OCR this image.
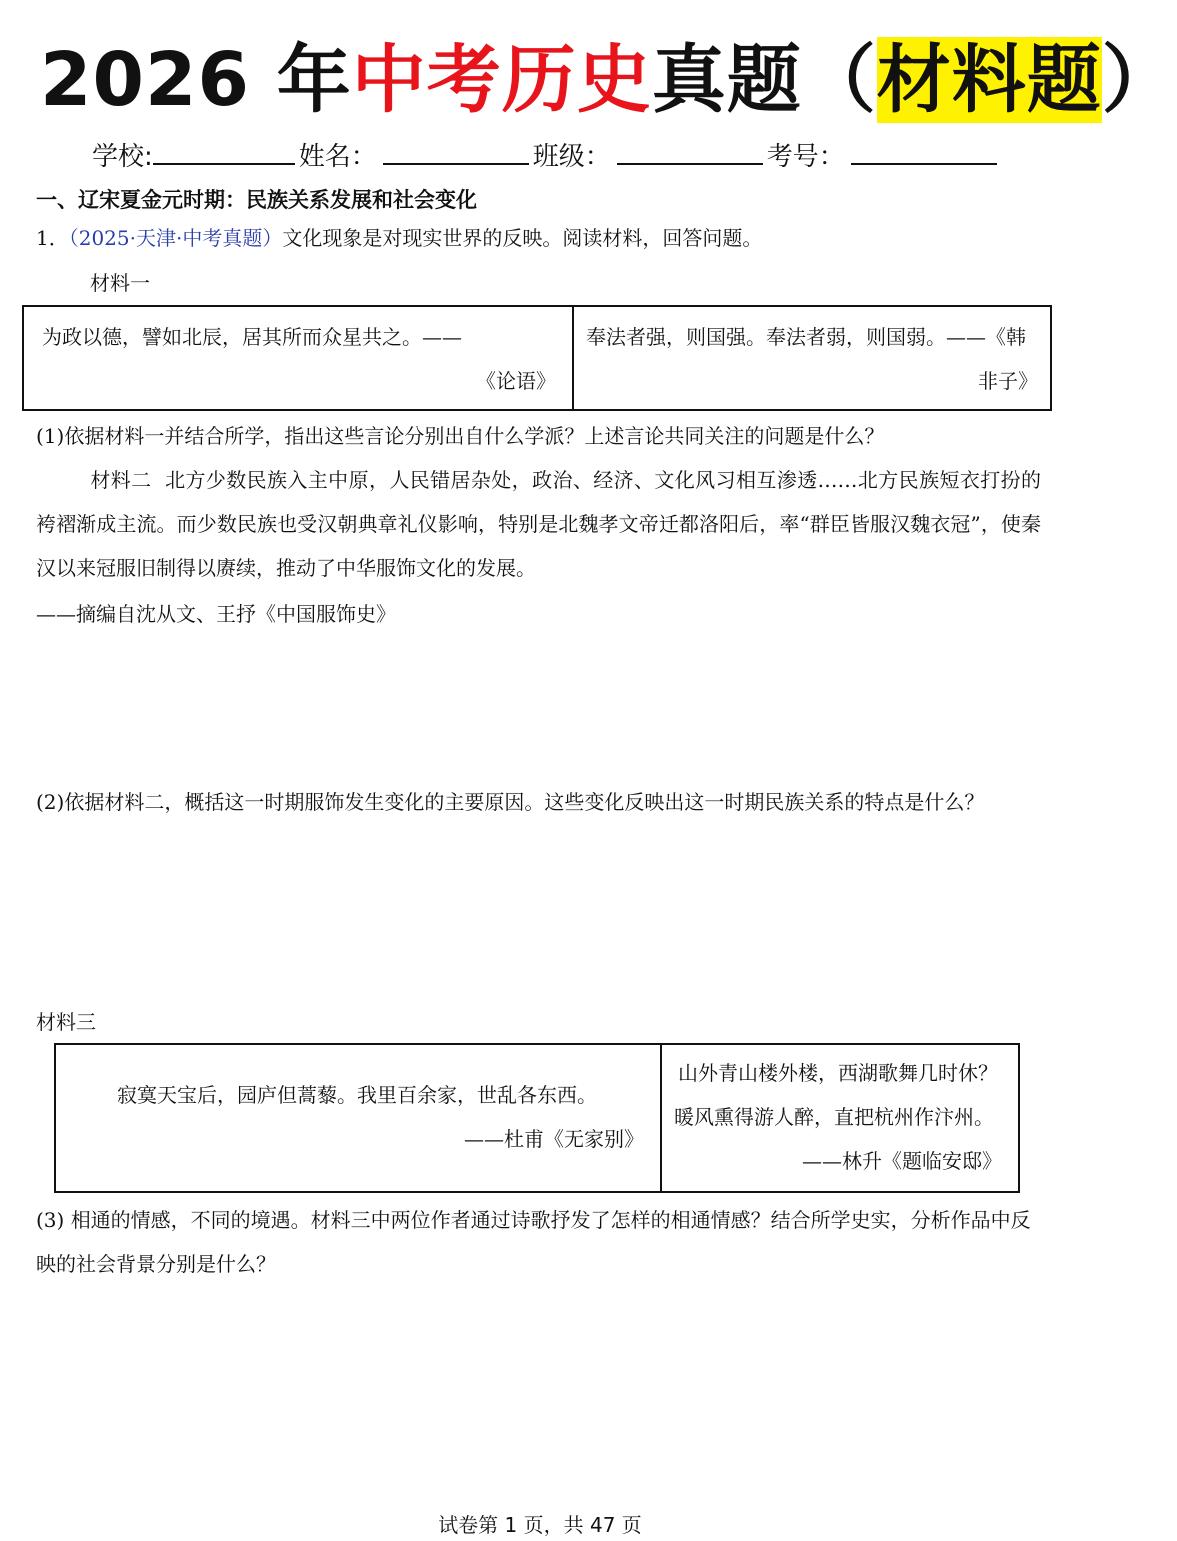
2026 年中考历史真题（材料题）
学校:	姓名：	班级：	考号：
一、辽宋夏金元时期：民族关系发展和社会变化
1．（2025·天津·中考真题）文化现象是对现实世界的反映。阅读材料，回答问题。
材料一
为政以德，譬如北辰，居其所而众星共之。——
《论语》

奉法者强，则国强。奉法者弱，则国弱。——《韩
非子》
(1)依据材料一并结合所学，指出这些言论分别出自什么学派？上述言论共同关注的问题是什么？
材料二 北方少数民族入主中原，人民错居杂处，政治、经济、文化风习相互渗透……北方民族短衣打扮的袴褶渐成主流。而少数民族也受汉朝典章礼仪影响，特别是北魏孝文帝迁都洛阳后，率“群臣皆服汉魏衣冠”，使秦汉以来冠服旧制得以赓续，推动了中华服饰文化的发展。
——摘编自沈从文、王抒《中国服饰史》
(2)依据材料二，概括这一时期服饰发生变化的主要原因。这些变化反映出这一时期民族关系的特点是什么？
材料三
寂寞天宝后，园庐但蒿藜。我里百余家，世乱各东西。
——杜甫《无家别》

山外青山楼外楼，西湖歌舞几时休？
暖风熏得游人醉，直把杭州作汴州。
——林升《题临安邸》
(3) 相通的情感，不同的境遇。材料三中两位作者通过诗歌抒发了怎样的相通情感？结合所学史实，分析作品中反映的社会背景分别是什么？
试卷第 1 页，共 47 页
